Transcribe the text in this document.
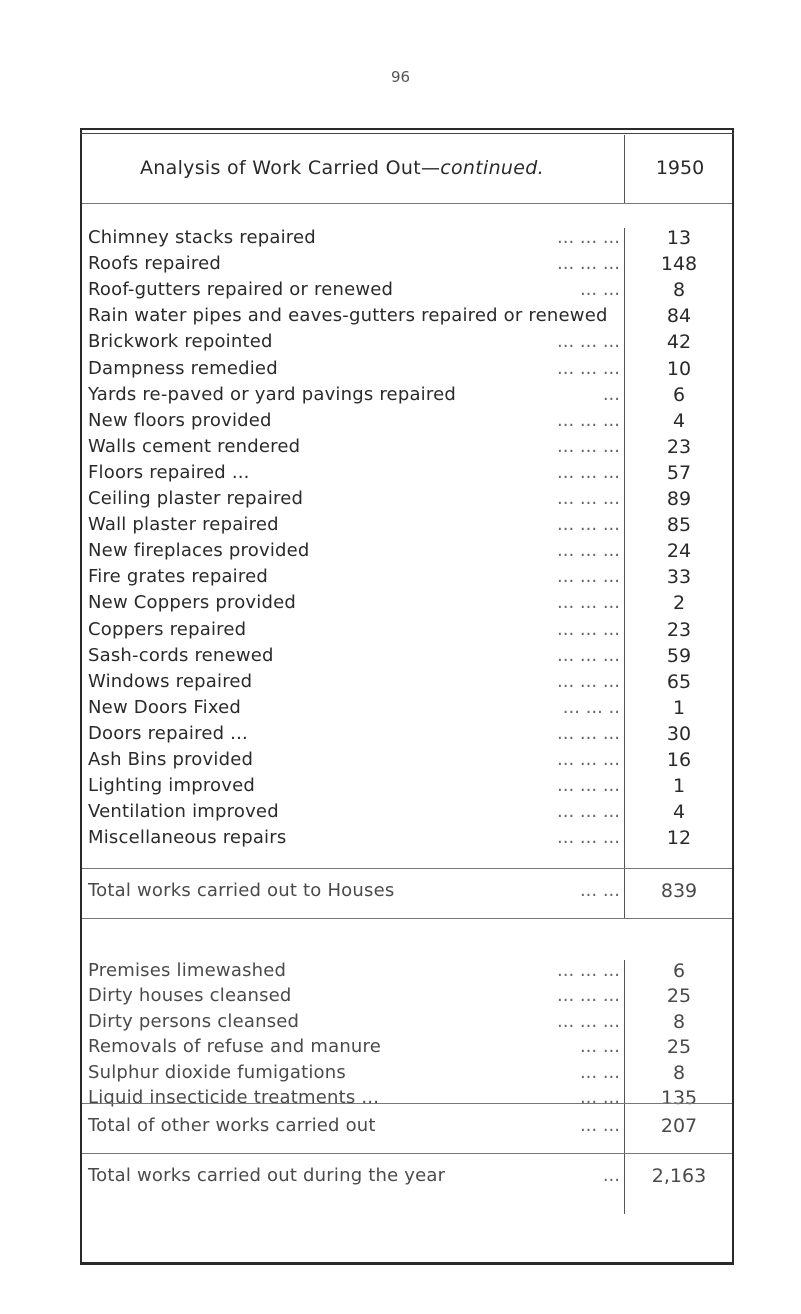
96
Analysis of Work Carried Out—continued.	1950
Chimney stacks repaired	... ... ...	13
Roofs repaired	... ... ...	148
Roof-gutters repaired or renewed	... ...	8
Rain water pipes and eaves-gutters repaired or renewed	84
Brickwork repointed	... ... ...	42
Dampness remedied	... ... ...	10
Yards re-paved or yard pavings repaired	...	6
New floors provided	... ... ...	4
Walls cement rendered	... ... ...	23
Floors repaired ...	... ... ...	57
Ceiling plaster repaired	... ... ...	89
Wall plaster repaired	... ... ...	85
New fireplaces provided	... ... ...	24
Fire grates repaired	... ... ...	33
New Coppers provided	... ... ...	2
Coppers repaired	... ... ...	23
Sash-cords renewed	... ... ...	59
Windows repaired	... ... ...	65
New Doors Fixed	... ... ..	1
Doors repaired ...	... ... ...	30
Ash Bins provided	... ... ...	16
Lighting improved	... ... ...	1
Ventilation improved	... ... ...	4
Miscellaneous repairs	... ... ...	12
Total works carried out to Houses	... ...	839
Premises limewashed	... ... ...	6
Dirty houses cleansed	... ... ...	25
Dirty persons cleansed	... ... ...	8
Removals of refuse and manure	... ...	25
Sulphur dioxide fumigations	... ...	8
Liquid insecticide treatments ...	... ...	135
Total of other works carried out	... ...	207
Total works carried out during the year	...	2,163
